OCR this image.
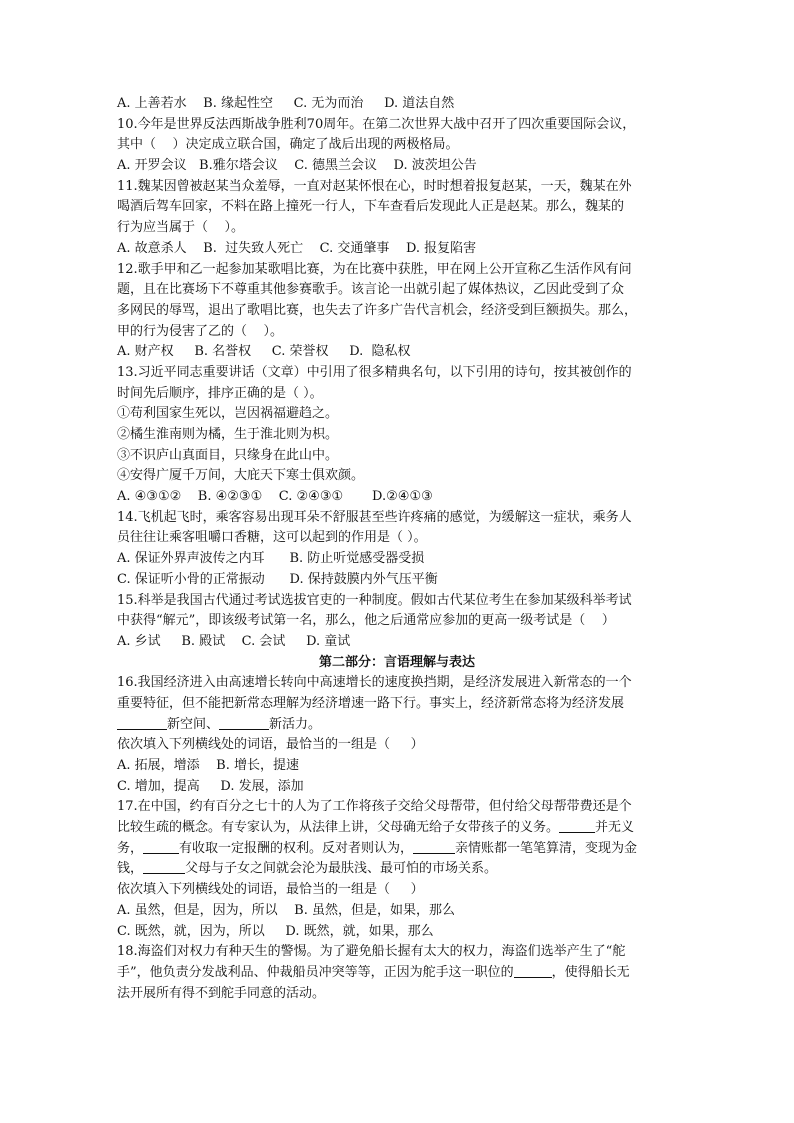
A. 上善若水    B. 缘起性空     C. 无为而治     D. 道法自然
10.今年是世界反法西斯战争胜利70周年。在第二次世界大战中召开了四次重要国际会议，
其中（    ）决定成立联合国，确定了战后出现的两极格局。
A. 开罗会议   B.雅尔塔会议    C. 德黑兰会议    D. 波茨坦公告
11.魏某因曾被赵某当众羞辱，一直对赵某怀恨在心，时时想着报复赵某，一天，魏某在外
喝酒后驾车回家，不料在路上撞死一行人，下车查看后发现此人正是赵某。那么，魏某的
行为应当属于（    ）。
A. 故意杀人    B.  过失致人死亡    C. 交通肇事    D. 报复陷害
12.歌手甲和乙一起参加某歌唱比赛，为在比赛中获胜，甲在网上公开宣称乙生活作风有问
题，且在比赛场下不尊重其他参赛歌手。该言论一出就引起了媒体热议，乙因此受到了众
多网民的辱骂，退出了歌唱比赛，也失去了许多广告代言机会，经济受到巨额损失。那么，
甲的行为侵害了乙的（    ）。
A. 财产权     B. 名誉权     C. 荣誉权     D.  隐私权
13.习近平同志重要讲话（文章）中引用了很多精典名句，以下引用的诗句，按其被创作的
时间先后顺序，排序正确的是（ ）。
①苟利国家生死以，岂因祸福避趋之。
②橘生淮南则为橘，生于淮北则为枳。
③不识庐山真面目，只缘身在此山中。
④安得广厦千万间，大庇天下寒士俱欢颜。
A. ④③①②    B. ④②③①    C. ②④③①       D.②④①③
14.飞机起飞时，乘客容易出现耳朵不舒服甚至些许疼痛的感觉，为缓解这一症状，乘务人
员往往让乘客咀嚼口香糖，这可以起到的作用是（ ）。
A. 保证外界声波传之内耳      B. 防止听觉感受器受损
C. 保证听小骨的正常振动      D. 保持鼓膜内外气压平衡
15.科举是我国古代通过考试选拔官吏的一种制度。假如古代某位考生在参加某级科举考试
中获得“解元”，即该级考试第一名，那么，他之后通常应参加的更高一级考试是（    ）
A. 乡试     B. 殿试    C. 会试     D. 童试
第二部分：言语理解与表达
16.我国经济进入由高速增长转向中高速增长的速度换挡期，是经济发展进入新常态的一个
重要特征，但不能把新常态理解为经济增速一路下行。事实上，经济新常态将为经济发展
新空间、	新活力。
依次填入下列横线处的词语，最恰当的一组是（     ）
A. 拓展，增添    B. 增长，提速
C. 增加，提高     D. 发展，添加
17.在中国，约有百分之七十的人为了工作将孩子交给父母帮带，但付给父母帮带费还是个
比较生疏的概念。有专家认为，从法律上讲，父母确无给子女带孩子的义务。	并无义
务，	有收取一定报酬的权利。反对者则认为，	亲情账都一笔笔算清，变现为金
钱，	父母与子女之间就会沦为最肤浅、最可怕的市场关系。
依次填入下列横线处的词语，最恰当的一组是（     ）
A. 虽然，但是，因为，所以    B. 虽然，但是，如果，那么
C. 既然，就，因为，所以     D. 既然，就，如果，那么
18.海盗们对权力有种天生的警惕。为了避免船长握有太大的权力，海盗们选举产生了“舵
手”，他负责分发战利品、仲裁船员冲突等等，正因为舵手这一职位的	，使得船长无
法开展所有得不到舵手同意的活动。
